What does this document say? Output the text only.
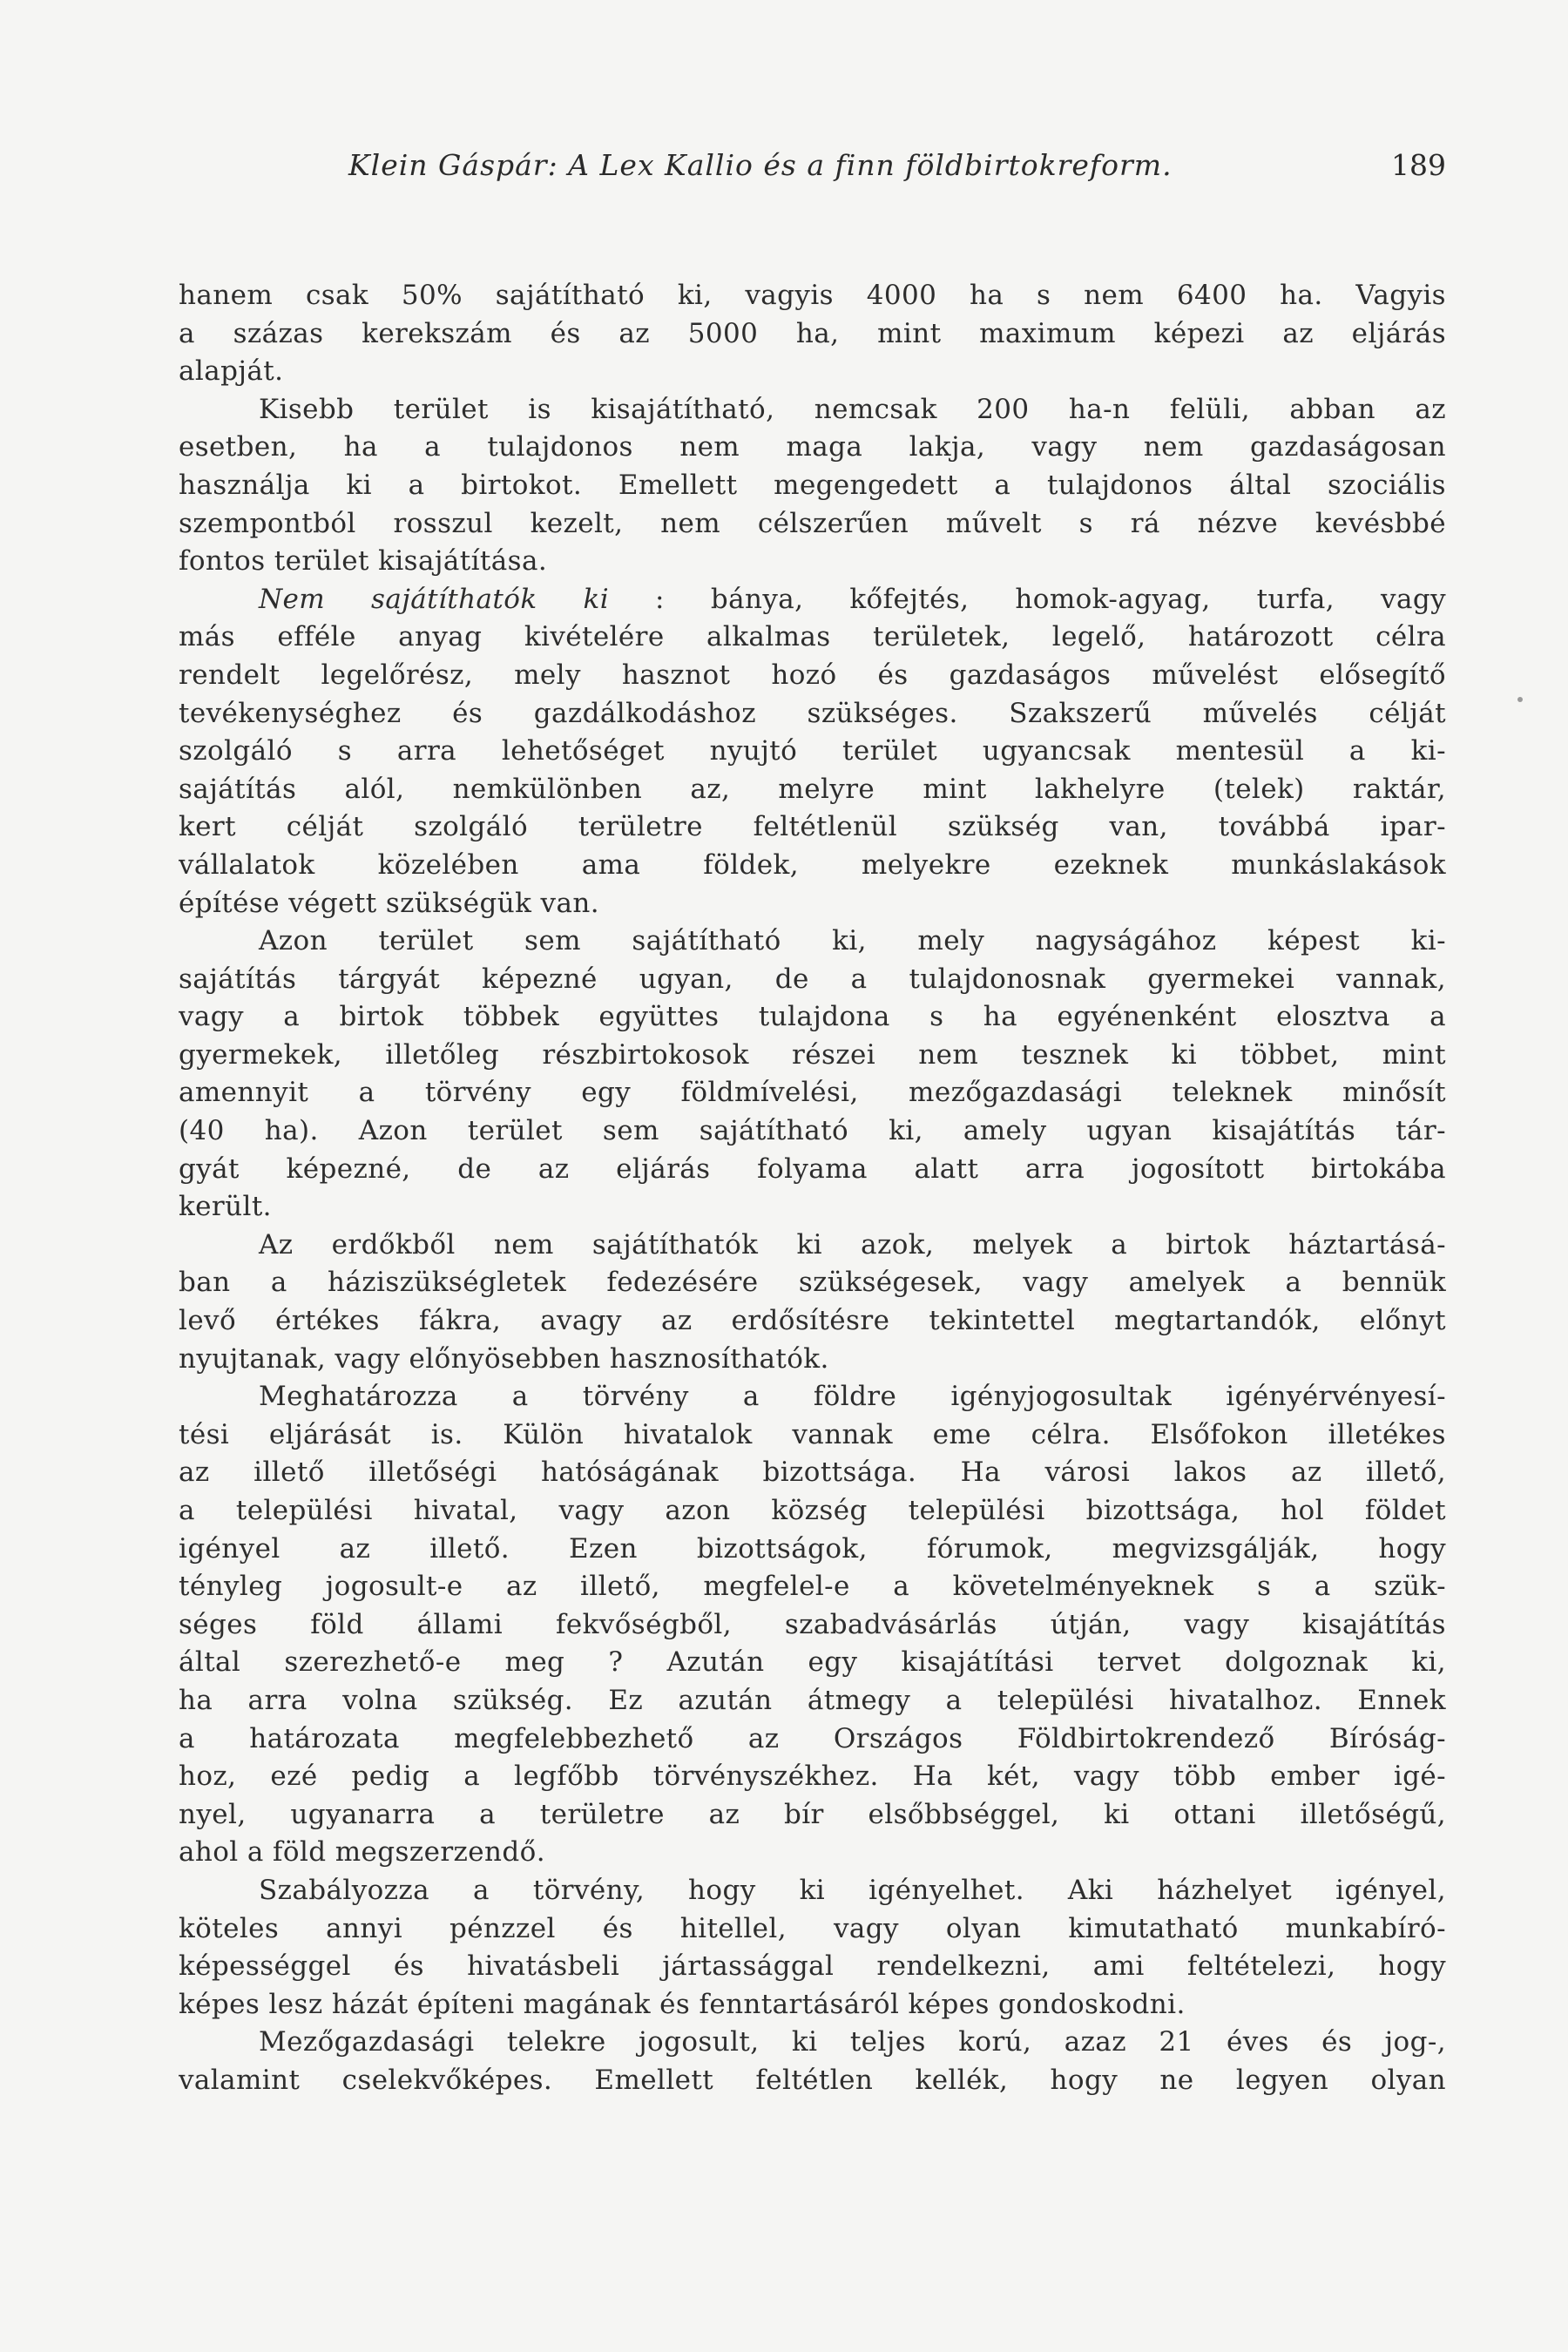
Klein Gáspár: A Lex Kallio és a finn földbirtokreform.	189
hanem csak 50% sajátítható ki, vagyis 4000 ha s nem 6400 ha. Vagyis
a százas kerekszám és az 5000 ha, mint maximum képezi az eljárás
alapját.
Kisebb terület is kisajátítható, nemcsak 200 ha-n felüli, abban az
esetben, ha a tulajdonos nem maga lakja, vagy nem gazdaságosan
használja ki a birtokot. Emellett megengedett a tulajdonos által szociális
szempontból rosszul kezelt, nem célszerűen művelt s rá nézve kevésbbé
fontos terület kisajátítása.
Nem sajátíthatók ki : bánya, kőfejtés, homok-agyag, turfa, vagy
más efféle anyag kivételére alkalmas területek, legelő, határozott célra
rendelt legelőrész, mely hasznot hozó és gazdaságos művelést elősegítő
tevékenységhez és gazdálkodáshoz szükséges. Szakszerű művelés célját
szolgáló s arra lehetőséget nyujtó terület ugyancsak mentesül a ki-
sajátítás alól, nemkülönben az, melyre mint lakhelyre (telek) raktár,
kert célját szolgáló területre feltétlenül szükség van, továbbá ipar-
vállalatok közelében ama földek, melyekre ezeknek munkáslakások
építése végett szükségük van.
Azon terület sem sajátítható ki, mely nagyságához képest ki-
sajátítás tárgyát képezné ugyan, de a tulajdonosnak gyermekei vannak,
vagy a birtok többek együttes tulajdona s ha egyénenként elosztva a
gyermekek, illetőleg részbirtokosok részei nem tesznek ki többet, mint
amennyit a törvény egy földmívelési, mezőgazdasági teleknek minősít
(40 ha). Azon terület sem sajátítható ki, amely ugyan kisajátítás tár-
gyát képezné, de az eljárás folyama alatt arra jogosított birtokába
került.
Az erdőkből nem sajátíthatók ki azok, melyek a birtok háztartásá-
ban a háziszükségletek fedezésére szükségesek, vagy amelyek a bennük
levő értékes fákra, avagy az erdősítésre tekintettel megtartandók, előnyt
nyujtanak, vagy előnyösebben hasznosíthatók.
Meghatározza a törvény a földre igényjogosultak igényérvényesí-
tési eljárását is. Külön hivatalok vannak eme célra. Elsőfokon illetékes
az illető illetőségi hatóságának bizottsága. Ha városi lakos az illető,
a települési hivatal, vagy azon község települési bizottsága, hol földet
igényel az illető. Ezen bizottságok, fórumok, megvizsgálják, hogy
tényleg jogosult-e az illető, megfelel-e a követelményeknek s a szük-
séges föld állami fekvőségből, szabadvásárlás útján, vagy kisajátítás
által szerezhető-e meg ? Azután egy kisajátítási tervet dolgoznak ki,
ha arra volna szükség. Ez azután átmegy a települési hivatalhoz. Ennek
a határozata megfelebbezhető az Országos Földbirtokrendező Bíróság-
hoz, ezé pedig a legfőbb törvényszékhez. Ha két, vagy több ember igé-
nyel, ugyanarra a területre az bír elsőbbséggel, ki ottani illetőségű,
ahol a föld megszerzendő.
Szabályozza a törvény, hogy ki igényelhet. Aki házhelyet igényel,
köteles annyi pénzzel és hitellel, vagy olyan kimutatható munkabíró-
képességgel és hivatásbeli jártassággal rendelkezni, ami feltételezi, hogy
képes lesz házát építeni magának és fenntartásáról képes gondoskodni.
Mezőgazdasági telekre jogosult, ki teljes korú, azaz 21 éves és jog-,
valamint cselekvőképes. Emellett feltétlen kellék, hogy ne legyen olyan
